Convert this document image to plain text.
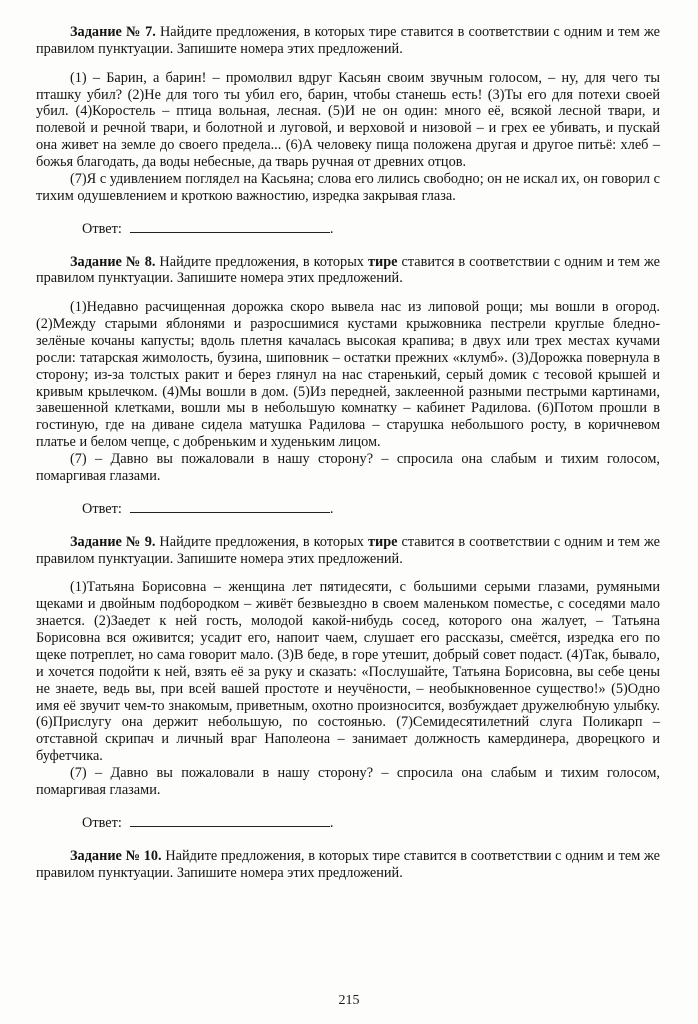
Задание № 7. Найдите предложения, в которых тире ставится в соответствии с одним и тем же правилом пунктуации. Запишите номера этих предложений.

(1) – Барин, а барин! – промолвил вдруг Касьян своим звучным голосом, – ну, для чего ты пташку убил? (2)Не для того ты убил его, барин, чтобы станешь есть! (3)Ты его для потехи своей убил. (4)Коростель – птица вольная, лесная. (5)И не он один: много её, всякой лесной твари, и полевой и речной твари, и болотной и луговой, и верховой и низовой – и грех ее убивать, и пускай она живет на земле до своего предела... (6)А человеку пища положена другая и другое питьё: хлеб – божья благодать, да воды небесные, да тварь ручная от древних отцов.

(7)Я с удивлением поглядел на Касьяна; слова его лились свободно; он не искал их, он говорил с тихим одушевлением и кроткою важностию, изредка закрывая глаза.

Ответ:	.

Задание № 8. Найдите предложения, в которых тире ставится в соответствии с одним и тем же правилом пунктуации. Запишите номера этих предложений.

(1)Недавно расчищенная дорожка скоро вывела нас из липовой рощи; мы вошли в огород. (2)Между старыми яблонями и разросшимися кустами крыжовника пестрели круглые бледно-зелёные кочаны капусты; вдоль плетня качалась высокая крапива; в двух или трех местах кучами росли: татарская жимолость, бузина, шиповник – остатки прежних «клумб». (3)Дорожка повернула в сторону; из-за толстых ракит и берез глянул на нас старенький, серый домик с тесовой крышей и кривым крылечком. (4)Мы вошли в дом. (5)Из передней, заклеенной разными пестрыми картинами, завешенной клетками, вошли мы в небольшую комнатку – кабинет Радилова. (6)Потом прошли в гостиную, где на диване сидела матушка Радилова – старушка небольшого росту, в коричневом платье и белом чепце, с добреньким и худеньким лицом.

(7) – Давно вы пожаловали в нашу сторону? – спросила она слабым и тихим голосом, помаргивая глазами.

Ответ:	.

Задание № 9. Найдите предложения, в которых тире ставится в соответствии с одним и тем же правилом пунктуации. Запишите номера этих предложений.

(1)Татьяна Борисовна – женщина лет пятидесяти, с большими серыми глазами, румяными щеками и двойным подбородком – живёт безвыездно в своем маленьком поместье, с соседями мало знается. (2)Заедет к ней гость, молодой какой-нибудь сосед, которого она жалует, – Татьяна Борисовна вся оживится; усадит его, напоит чаем, слушает его рассказы, смеётся, изредка его по щеке потреплет, но сама говорит мало. (3)В беде, в горе утешит, добрый совет подаст. (4)Так, бывало, и хочется подойти к ней, взять её за руку и сказать: «Послушайте, Татьяна Борисовна, вы себе цены не знаете, ведь вы, при всей вашей простоте и неучёности, – необыкновенное существо!» (5)Одно имя её звучит чем-то знакомым, приветным, охотно произносится, возбуждает дружелюбную улыбку. (6)Прислугу она держит небольшую, по состоянью. (7)Семидесятилетний слуга Поликарп – отставной скрипач и личный враг Наполеона – занимает должность камердинера, дворецкого и буфетчика.

(7) – Давно вы пожаловали в нашу сторону? – спросила она слабым и тихим голосом, помаргивая глазами.

Ответ:	.

Задание № 10. Найдите предложения, в которых тире ставится в соответствии с одним и тем же правилом пунктуации. Запишите номера этих предложений.

215
